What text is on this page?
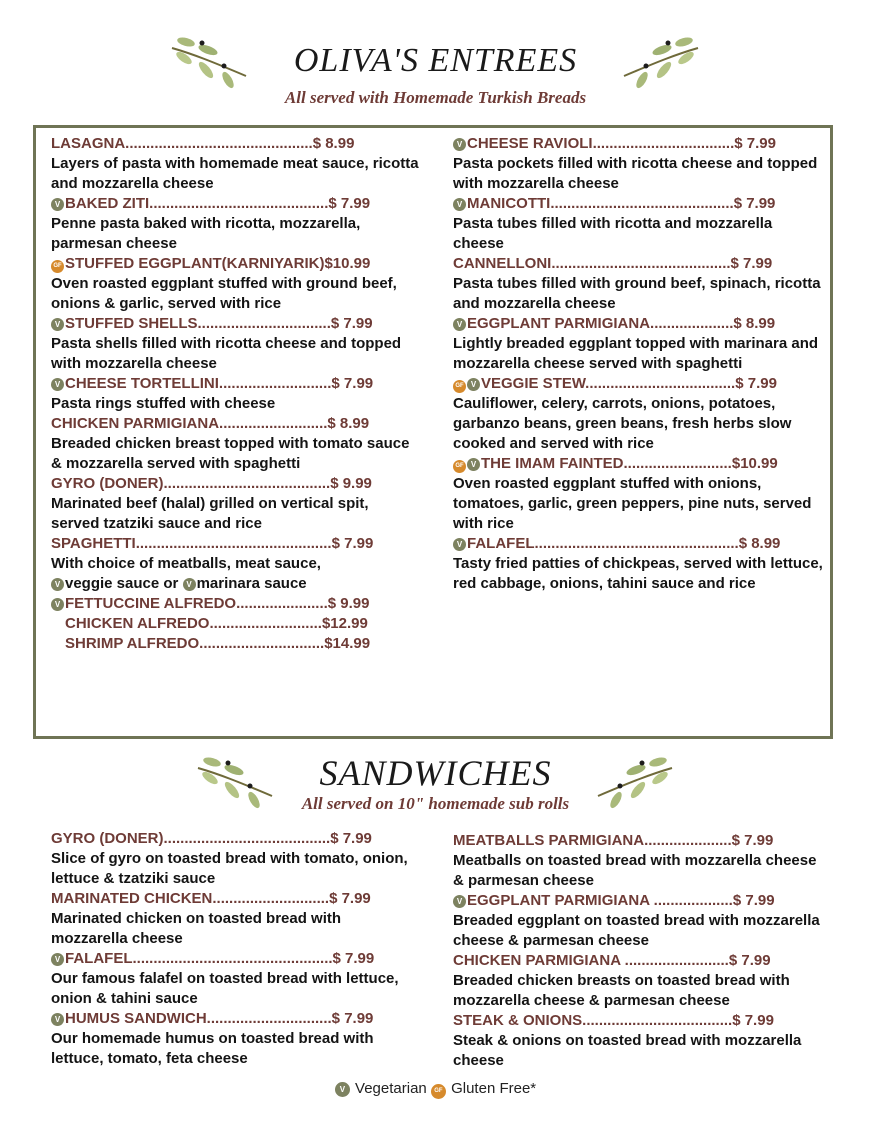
OLIVA'S ENTREES
All served with Homemade Turkish Breads
LASAGNA.............................................$ 8.99
Layers of pasta with homemade meat sauce, ricotta and mozzarella cheese
V BAKED ZITI...........................................$ 7.99
Penne pasta baked with ricotta, mozzarella, parmesan cheese
GF STUFFED EGGPLANT(KARNIYARIK)$10.99
Oven roasted eggplant stuffed with ground beef, onions & garlic, served with rice
V STUFFED SHELLS................................$ 7.99
Pasta shells filled with ricotta cheese and topped with mozzarella cheese
V CHEESE TORTELLINI...........................$ 7.99
Pasta rings stuffed with cheese
CHICKEN PARMIGIANA..........................$ 8.99
Breaded chicken breast topped with tomato sauce & mozzarella served with spaghetti
GYRO (DONER)........................................$ 9.99
Marinated beef (halal) grilled on vertical spit, served tzatziki sauce and rice
SPAGHETTI...............................................$ 7.99
With choice of meatballs, meat sauce,
V veggie sauce or V marinara sauce
V FETTUCCINE ALFREDO......................$ 9.99
CHICKEN ALFREDO...........................$12.99
SHRIMP ALFREDO..............................$14.99
V CHEESE RAVIOLI..................................$ 7.99
Pasta pockets filled with ricotta cheese and topped with mozzarella cheese
V MANICOTTI............................................$ 7.99
Pasta tubes filled with ricotta and mozzarella cheese
CANNELLONI...........................................$ 7.99
Pasta tubes filled with ground beef, spinach, ricotta and mozzarella cheese
V EGGPLANT PARMIGIANA....................$ 8.99
Lightly breaded eggplant topped with marinara and mozzarella cheese served with spaghetti
GF V VEGGIE STEW....................................$ 7.99
Cauliflower, celery, carrots, onions, potatoes, garbanzo beans, green beans, fresh herbs slow cooked and served with rice
GF V THE IMAM FAINTED..........................$10.99
Oven roasted eggplant stuffed with onions, tomatoes, garlic, green peppers, pine nuts, served with rice
V FALAFEL.................................................$ 8.99
Tasty fried patties of chickpeas, served with lettuce, red cabbage, onions, tahini sauce and rice
SANDWICHES
All served on 10" homemade sub rolls
GYRO (DONER)........................................$ 7.99
Slice of gyro on toasted bread with tomato, onion, lettuce & tzatziki sauce
MARINATED CHICKEN............................$ 7.99
Marinated chicken on toasted bread with mozzarella cheese
V FALAFEL................................................$ 7.99
Our famous falafel on toasted bread with lettuce, onion & tahini sauce
V HUMUS SANDWICH..............................$ 7.99
Our homemade humus on toasted bread with lettuce, tomato, feta cheese
MEATBALLS PARMIGIANA.....................$ 7.99
Meatballs on toasted bread with mozzarella cheese & parmesan cheese
V EGGPLANT PARMIGIANA ...................$ 7.99
Breaded eggplant on toasted bread with mozzarella cheese & parmesan cheese
CHICKEN PARMIGIANA .........................$ 7.99
Breaded chicken breasts on toasted bread with mozzarella cheese & parmesan cheese
STEAK & ONIONS....................................$ 7.99
Steak & onions on toasted bread with mozzarella cheese
V Vegetarian GF Gluten Free*
